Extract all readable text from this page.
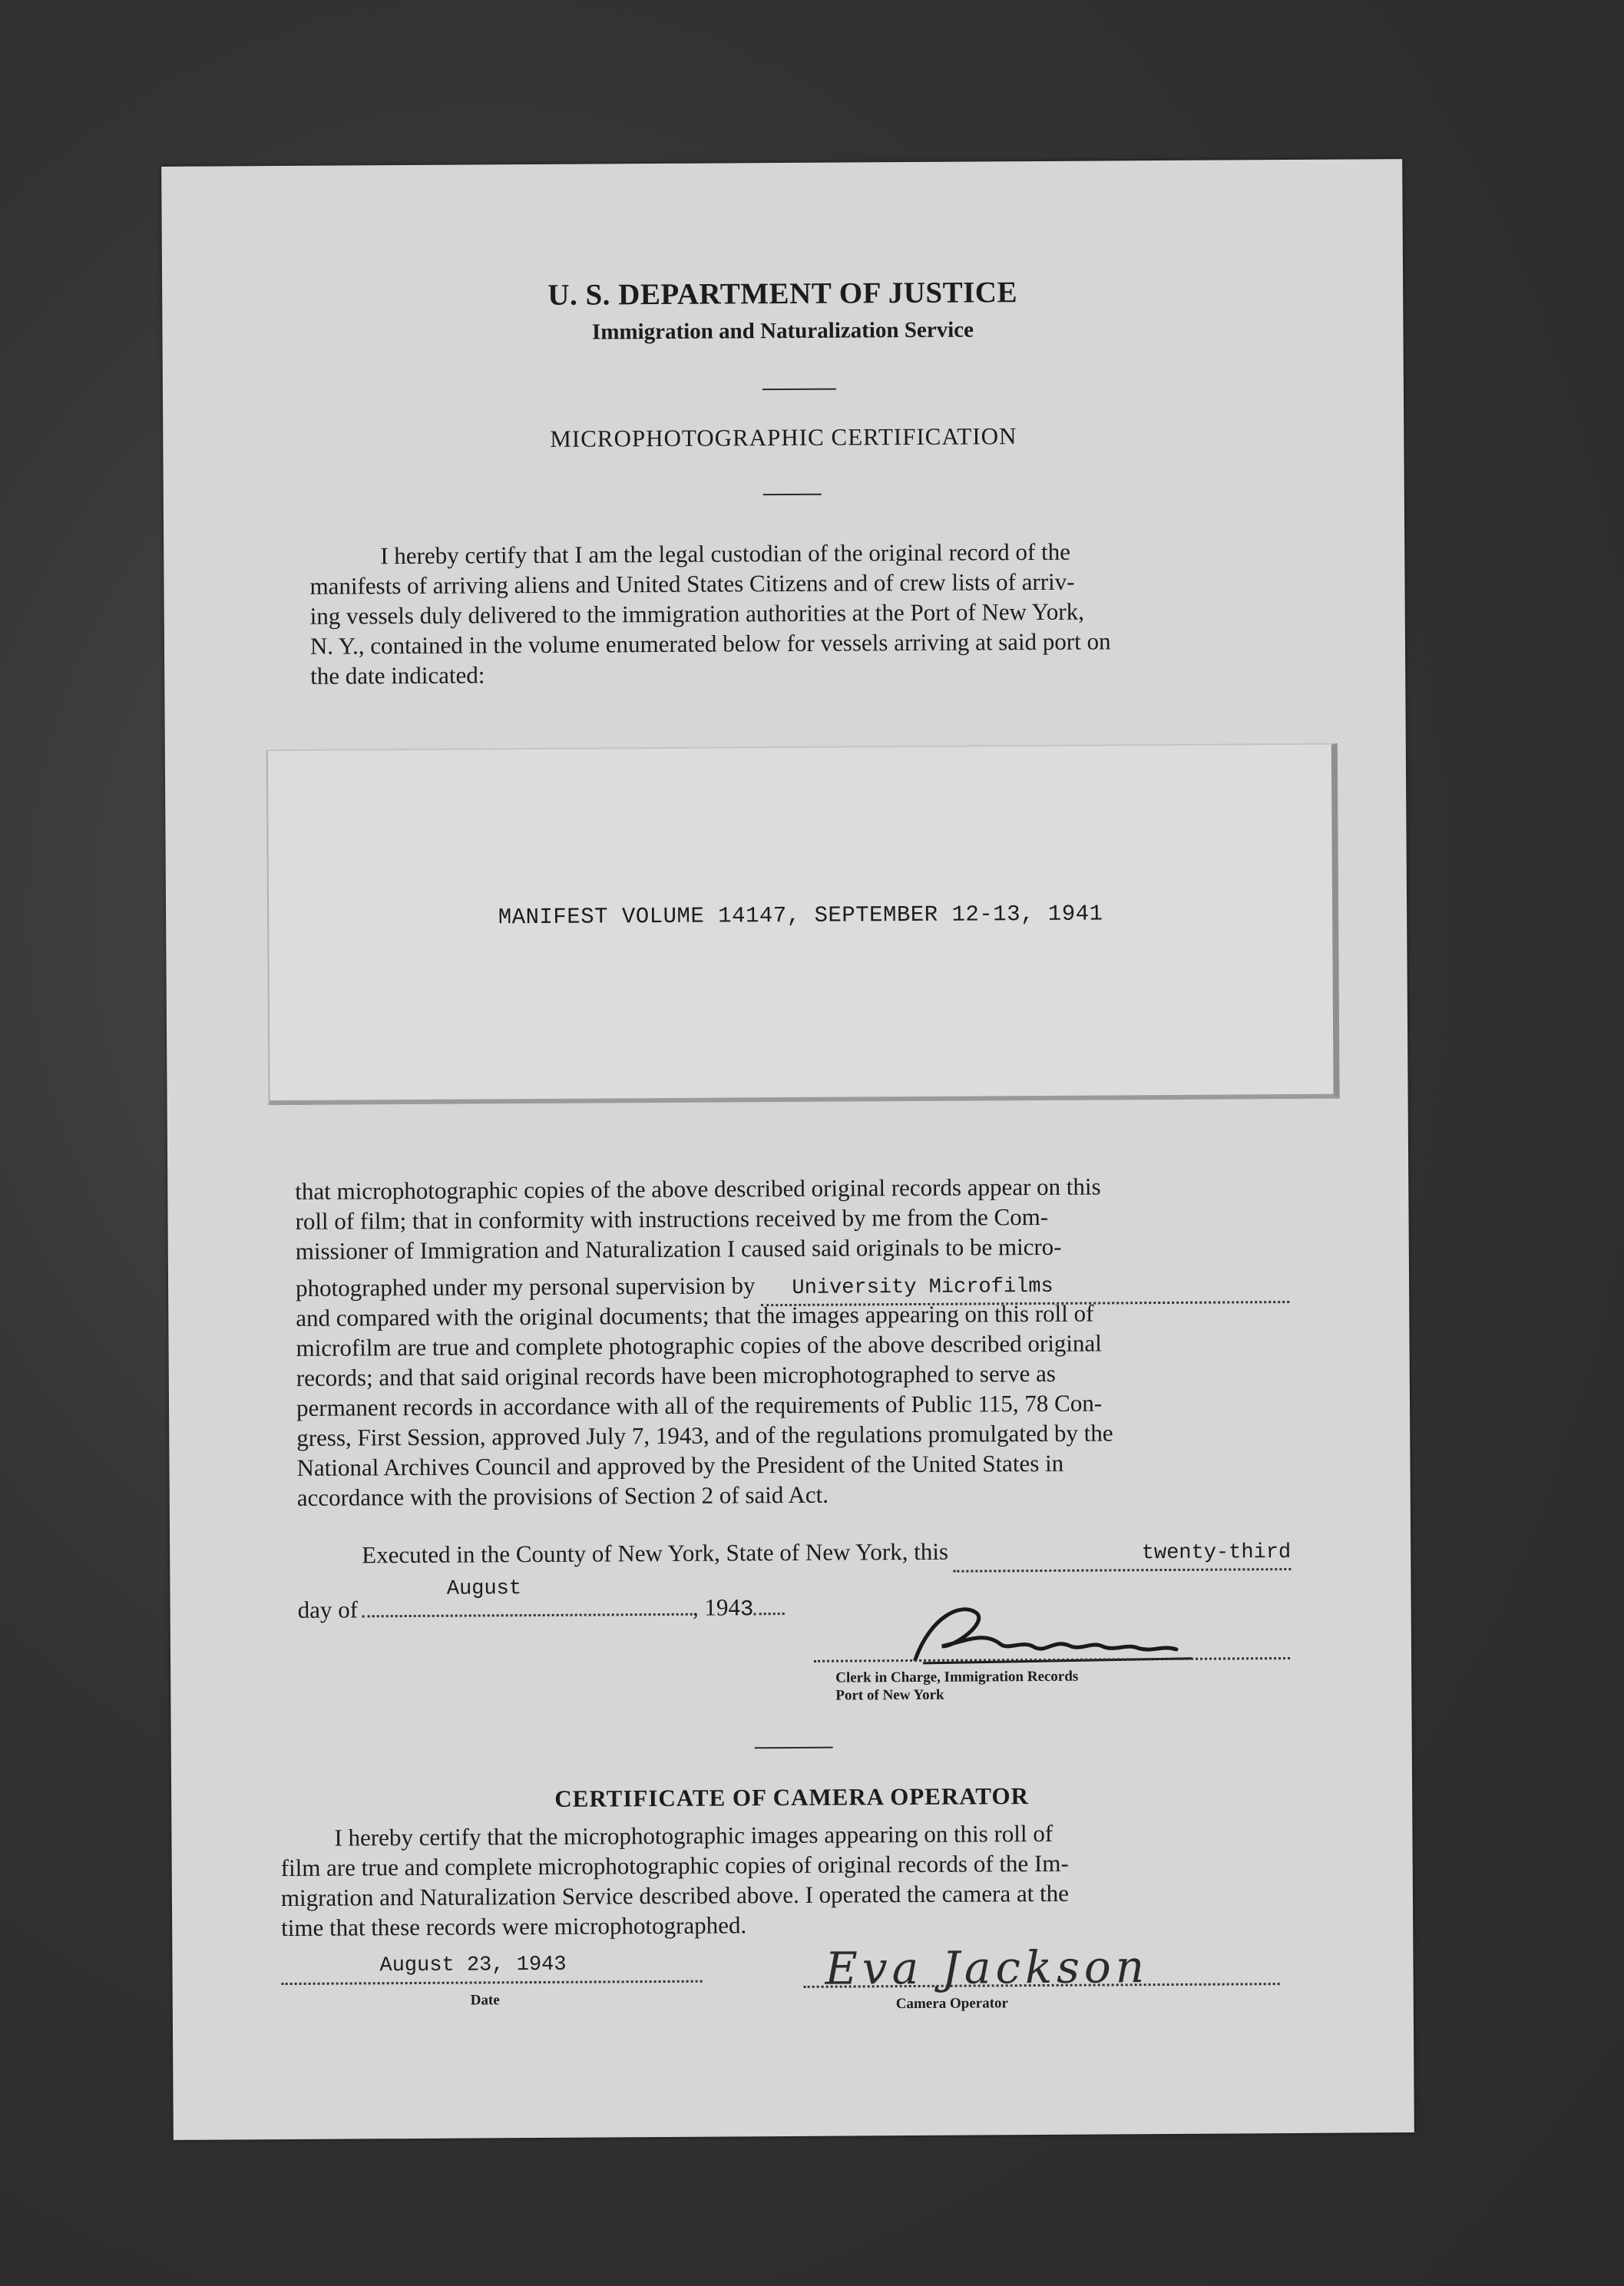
U. S. DEPARTMENT OF JUSTICE
Immigration and Naturalization Service
MICROPHOTOGRAPHIC CERTIFICATION
I hereby certify that I am the legal custodian of the original record of the
manifests of arriving aliens and United States Citizens and of crew lists of arriv-
ing vessels duly delivered to the immigration authorities at the Port of New York,
N. Y., contained in the volume enumerated below for vessels arriving at said port on
the date indicated:
MANIFEST VOLUME 14147, SEPTEMBER 12-13, 1941
that microphotographic copies of the above described original records appear on this
roll of film; that in conformity with instructions received by me from the Com-
missioner of Immigration and Naturalization I caused said originals to be micro-
photographed under my personal supervision by	University Microfilms
and compared with the original documents; that the images appearing on this roll of
microfilm are true and complete photographic copies of the above described original
records; and that said original records have been microphotographed to serve as
permanent records in accordance with all of the requirements of Public 115, 78 Con-
gress, First Session, approved July 7, 1943, and of the regulations promulgated by the
National Archives Council and approved by the President of the United States in
accordance with the provisions of Section 2 of said Act.
Executed in the County of New York, State of New York, this	twenty-third
day of
August
, 194 3
Clerk in Charge, Immigration Records
Port of New York
CERTIFICATE OF CAMERA OPERATOR
I hereby certify that the microphotographic images appearing on this roll of
film are true and complete microphotographic copies of original records of the Im-
migration and Naturalization Service described above. I operated the camera at the
time that these records were microphotographed.
August 23, 1943
Date
Eva Jackson
Camera Operator
